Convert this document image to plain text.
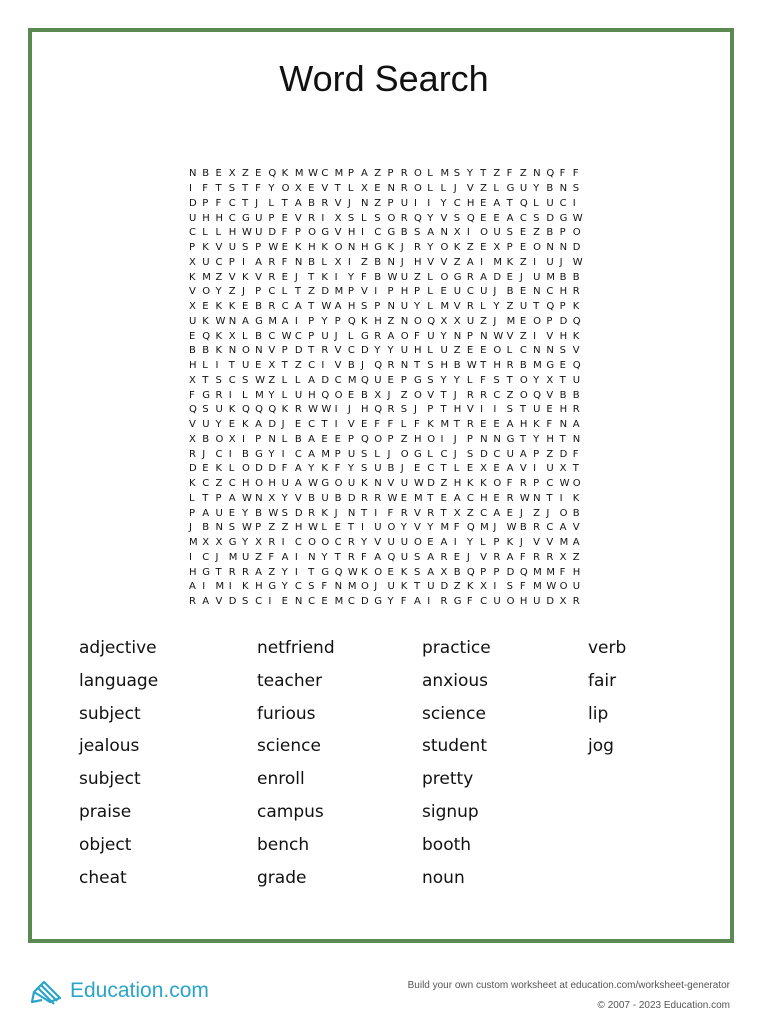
Word Search
N B E X Z E Q K M W C M P A Z P R O L M S Y T Z F Z N Q F F
I	F T S T F Y O X E V T L X E N R O L L J	V Z L G U Y B N S
D P F C T J	L T A B R V J	N Z P U I	I	Y C H E A T Q L U C I
U H H C G U P E V R I	X S L S O R Q Y V S Q E E A C S D G W
C L L H W U D F P O G V H I	C G B S A N X I	O U S E Z B P O
P K V U S P W E K H K O N H G K J	R Y O K Z E X P E O N N D
X U C P I	A R F N B L X I	Z B N J	H V V Z A I	M K Z I	U J	W
K M Z V K V R E J	T K I	Y F B W U Z L O G R A D E J	U M B B
V O Y Z J	P C L T Z D M P V I	P H P L E U C U J	B E N C H R
X E K K E B R C A T W A H S P N U Y L M V R L Y Z U T Q P K
U K W N A G M A I	P Y P Q K H Z N O Q X X U Z J	M E O P D Q
E Q K X L B C W C P U J	L G R A O F U Y N P N W V Z I	V H K
B B K N O N V P D T R V C D Y Y U H L U Z E E O L C N N S V
H L I	T U E X T Z C I	V B J	Q R N T S H B W T H R B M G E Q
X T S C S W Z L L A D C M Q U E P G S Y Y L F S T O Y X T U
F G R I	L M Y L U H Q O E B X J	Z O V T J	R R C Z O Q V B B
Q S U K Q Q Q K R W W I	J	H Q R S J	P T H V I	I	S T U E H R
V U Y E K A D J	E C T I	V E F F L F K M T R E E A H K F N A
X B O X I	P N L B A E E P Q O P Z H O I	J	P N N G T Y H T N
R J	C I	B G Y I	C A M P U S L J	O G L C J	S D C U A P Z D F
D E K L O D D F A Y K F Y S U B J	E C T L E X E A V I	U X T
K C Z C H O H U A W G O U K N V U W D Z H K K O F R P C W O
L T P A W N X Y V B U B D R R W E M T E A C H E R W N T I	K
P A U E Y B W S D R K J	N T I	F R V R T X Z C A E J	Z J	O B
J	B N S W P Z Z H W L E T I	U O Y V Y M F Q M J	W B R C A V
M X X G Y X R I	C O O C R Y V U U O E A I	Y L P K J	V V M A
I	C J	M U Z F A I	N Y T R F A Q U S A R E J	V R A F R R X Z
H G T R R A Z Y I	T G Q W K O E K S A X B Q P P D Q M M F H
A I	M I	K H G Y C S F N M O J	U K T U D Z K X I	S F M W O U
R A V D S C I	E N C E M C D G Y F A I	R G F C U O H U D X R
adjective
language
subject
jealous
subject
praise
object
cheat
netfriend
teacher
furious
science
enroll
campus
bench
grade
practice
anxious
science
student
pretty
signup
booth
noun
verb
fair
lip
jog
Education.com	Build your own custom worksheet at education.com/worksheet-generator
© 2007 - 2023 Education.com
